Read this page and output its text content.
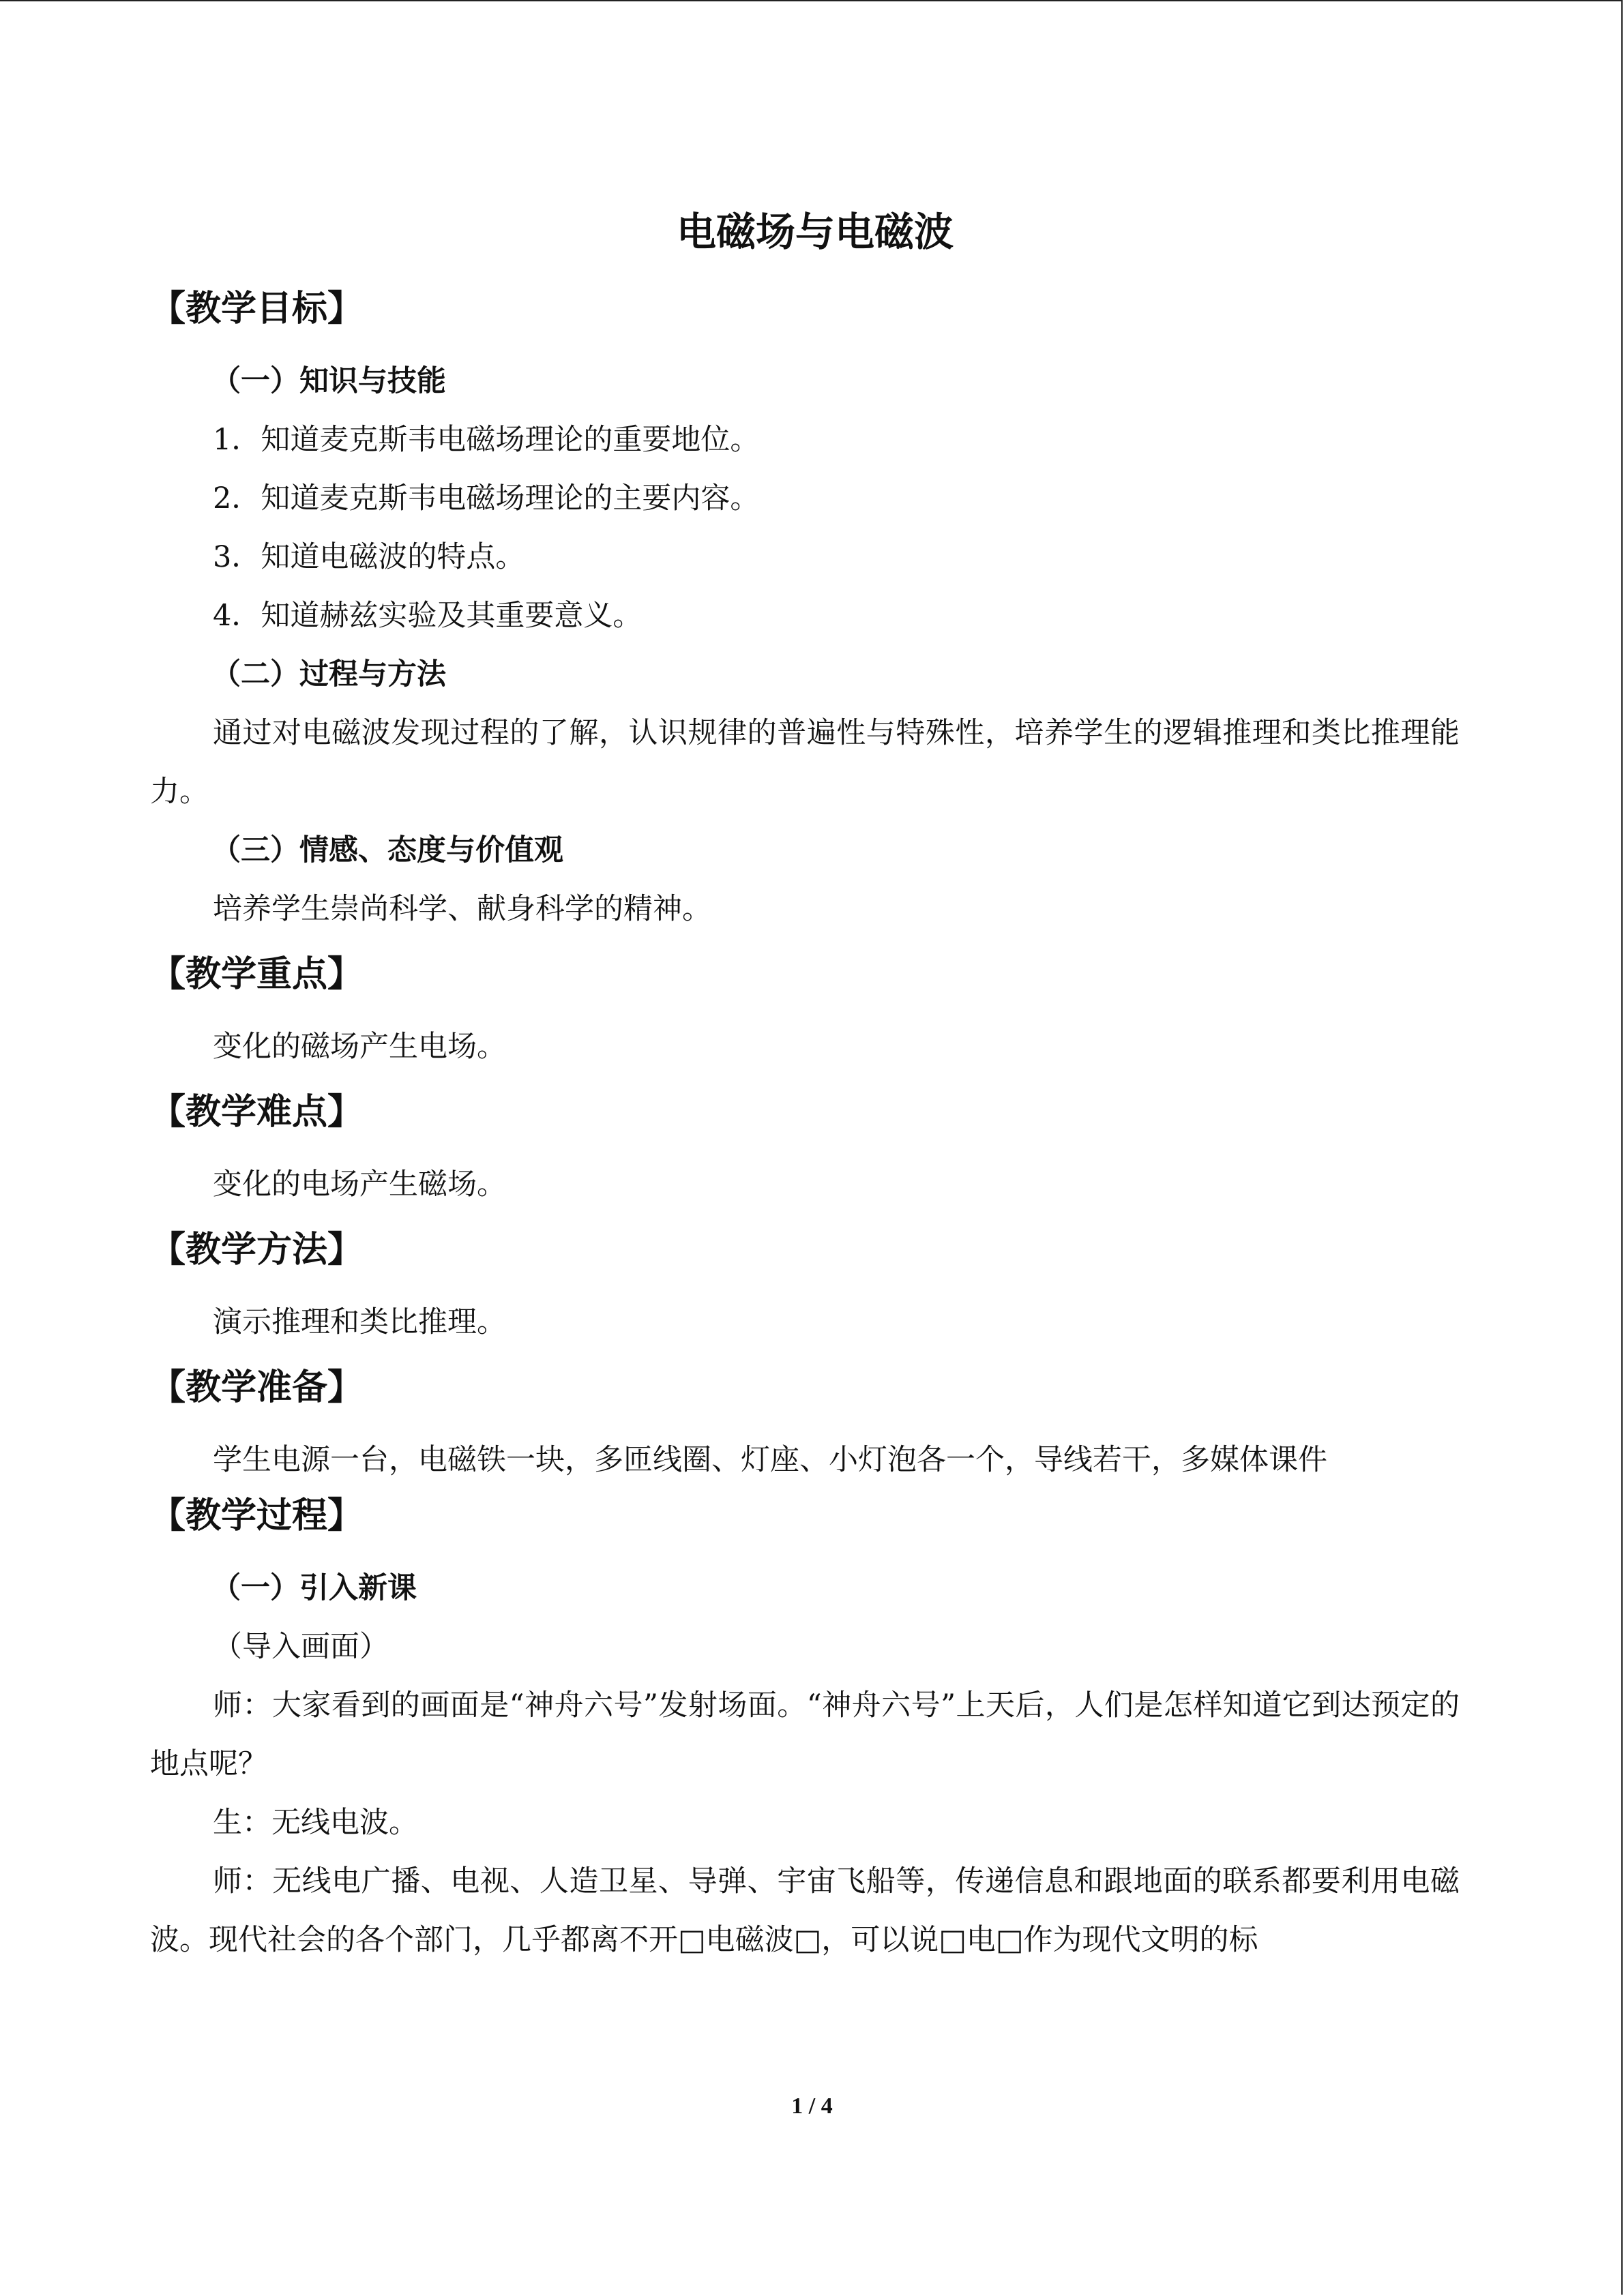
电磁场与电磁波
【教学目标】
（一）知识与技能

1．知道麦克斯韦电磁场理论的重要地位。

2．知道麦克斯韦电磁场理论的主要内容。

3．知道电磁波的特点。

4．知道赫兹实验及其重要意义。

（二）过程与方法

通过对电磁波发现过程的了解，认识规律的普遍性与特殊性，培养学生的逻辑推理和类比推理能力。

（三）情感、态度与价值观

培养学生崇尚科学、献身科学的精神。

【教学重点】

变化的磁场产生电场。

【教学难点】

变化的电场产生磁场。

【教学方法】

演示推理和类比推理。

【教学准备】

学生电源一台，电磁铁一块，多匝线圈、灯座、小灯泡各一个，导线若干，多媒体课件

【教学过程】
（一）引入新课

（导入画面）

师：大家看到的画面是“神舟六号”发射场面。“神舟六号”上天后，人们是怎样知道它到达预定的地点呢？

生：无线电波。

师：无线电广播、电视、人造卫星、导弹、宇宙飞船等，传递信息和跟地面的联系都要利用电磁波。现代社会的各个部门，几乎都离不开□电磁波□，可以说□电□作为现代文明的标

1 / 4
